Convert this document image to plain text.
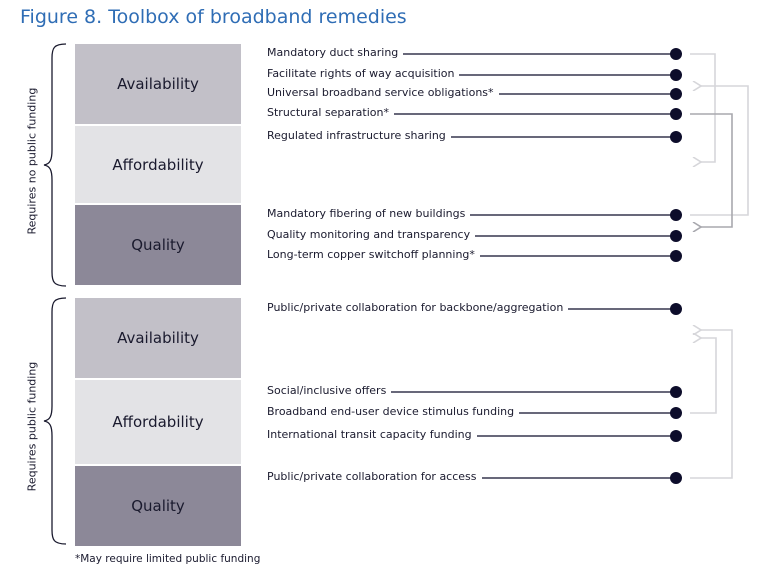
Figure 8. Toolbox of broadband remedies
Requires no public funding
Requires public funding
Availability
Affordability
Quality
Availability
Affordability
Quality
Mandatory duct sharing
Facilitate rights of way acquisition
Universal broadband service obligations*
Structural separation*
Regulated infrastructure sharing
Mandatory fibering of new buildings
Quality monitoring and transparency
Long-term copper switchoff planning*
Public/private collaboration for backbone/aggregation
Social/inclusive offers
Broadband end-user device stimulus funding
International transit capacity funding
Public/private collaboration for access
*May require limited public funding
